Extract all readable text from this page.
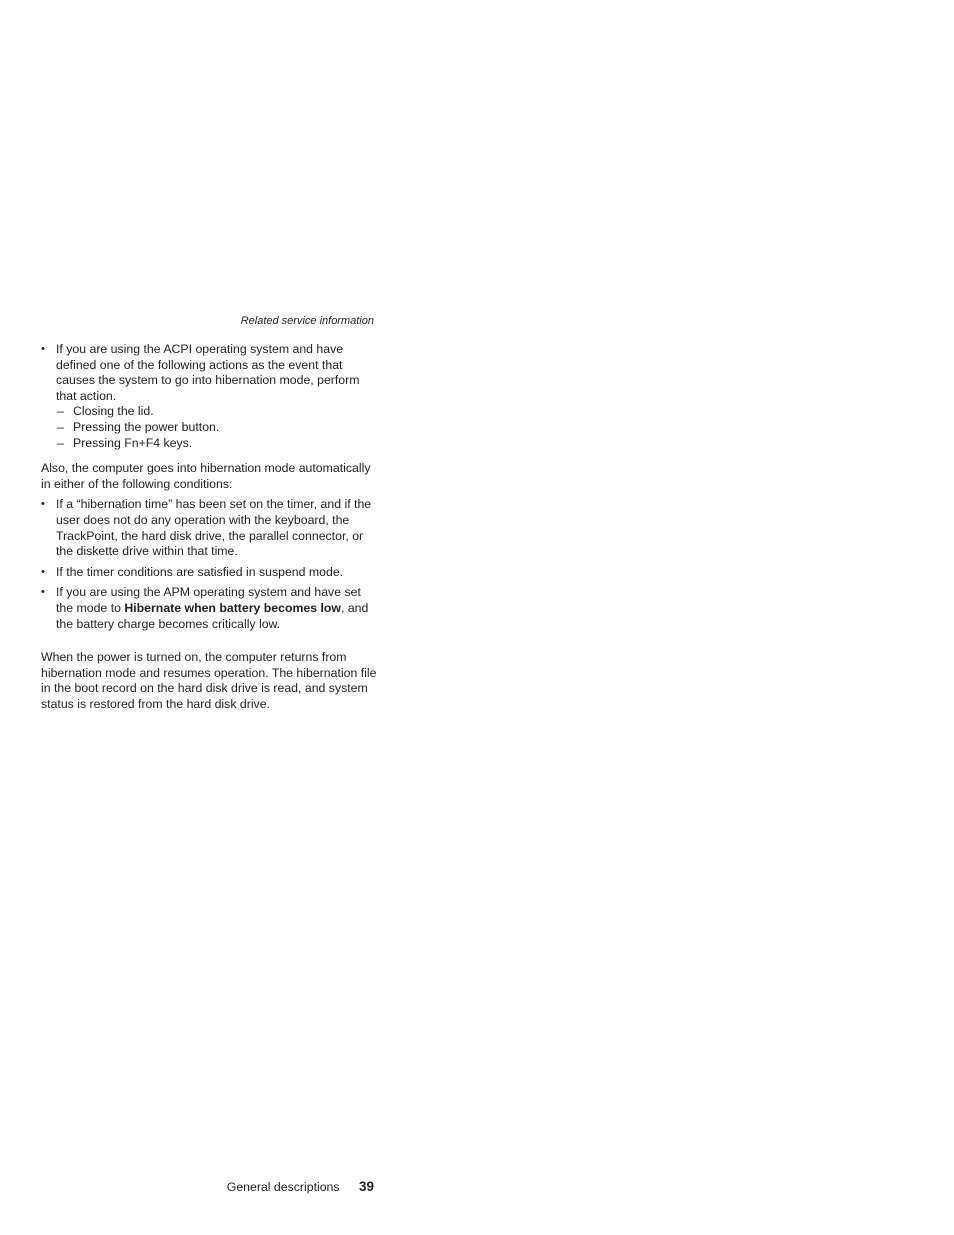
Related service information
• If you are using the ACPI operating system and have defined one of the following actions as the event that causes the system to go into hibernation mode, perform that action.
– Closing the lid.
– Pressing the power button.
– Pressing Fn+F4 keys.

Also, the computer goes into hibernation mode automatically in either of the following conditions:

• If a “hibernation time” has been set on the timer, and if the user does not do any operation with the keyboard, the TrackPoint, the hard disk drive, the parallel connector, or the diskette drive within that time.
• If the timer conditions are satisfied in suspend mode.
• If you are using the APM operating system and have set the mode to Hibernate when battery becomes low, and the battery charge becomes critically low.

When the power is turned on, the computer returns from hibernation mode and resumes operation. The hibernation file in the boot record on the hard disk drive is read, and system status is restored from the hard disk drive.

General descriptions 39
